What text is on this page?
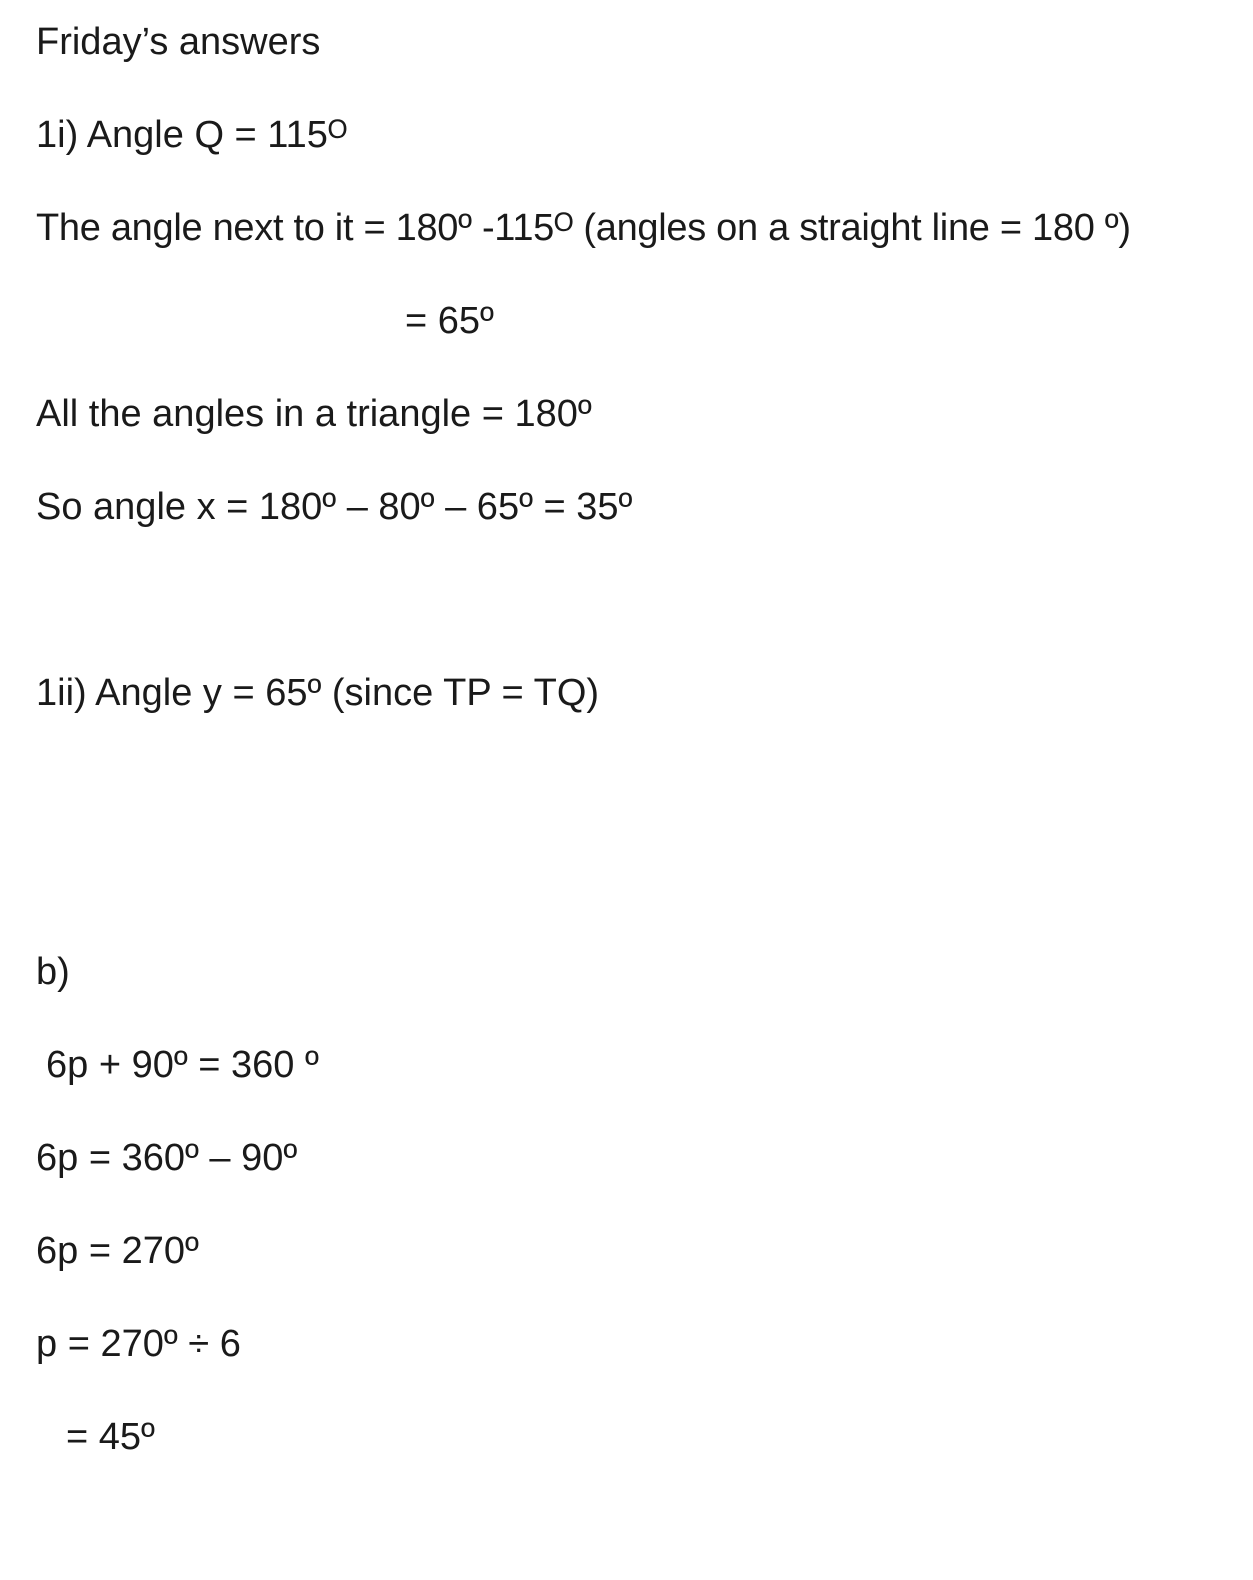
Friday’s answers
1i) Angle Q = 115ᴼ
The angle next to it = 180º -115ᴼ (angles on a straight line = 180 º)
= 65º
All the angles in a triangle = 180º
So angle x = 180º – 80º – 65º = 35º
1ii) Angle y = 65º (since TP = TQ)
b)
6p + 90º = 360 º
6p = 360º – 90º
6p = 270º
p = 270º ÷ 6
= 45º
